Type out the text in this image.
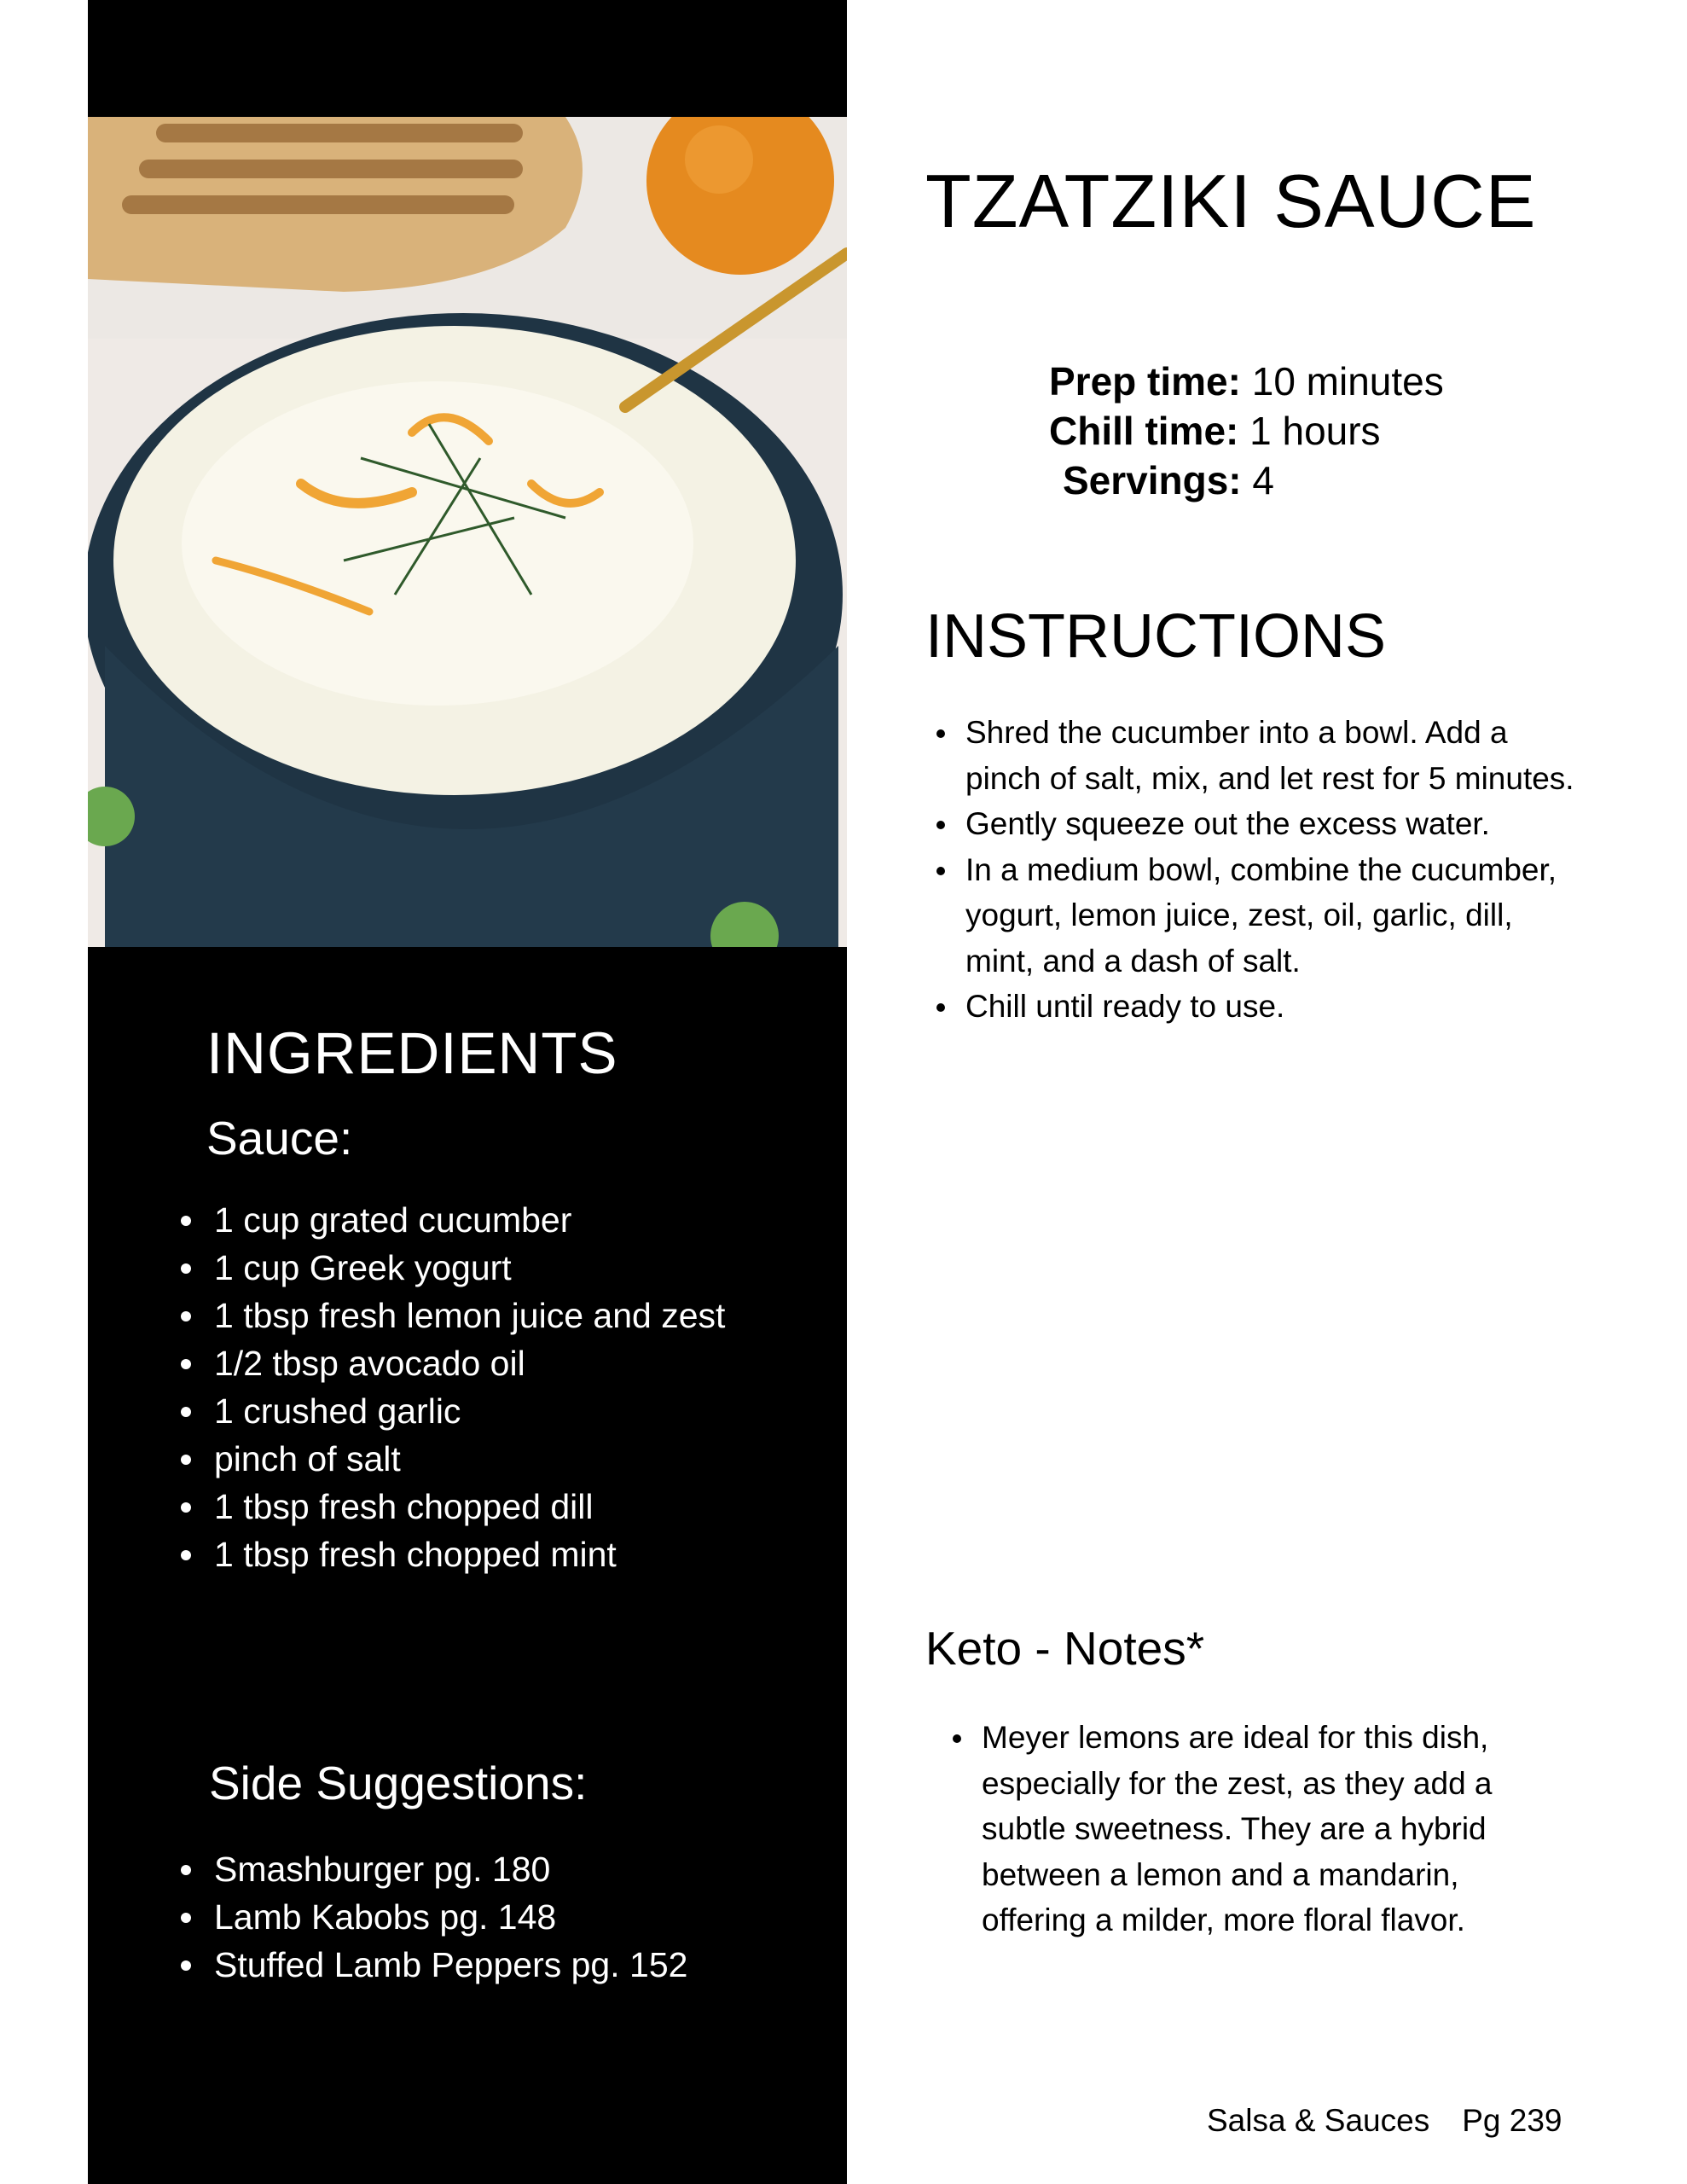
INGREDIENTS
Sauce:
1 cup grated cucumber
1 cup Greek yogurt
1 tbsp fresh lemon juice and zest
1/2 tbsp avocado oil
1 crushed garlic
pinch of salt
1 tbsp fresh chopped dill
1 tbsp fresh chopped mint
Side Suggestions:
Smashburger pg. 180
Lamb Kabobs pg. 148
Stuffed Lamb Peppers pg. 152
TZATZIKI SAUCE
Prep time: 10 minutes
Chill time: 1 hours
Servings: 4
INSTRUCTIONS
Shred the cucumber into a bowl. Add a pinch of salt, mix, and let rest for 5 minutes.
Gently squeeze out the excess water.
In a medium bowl, combine the cucumber, yogurt, lemon juice, zest, oil, garlic, dill, mint, and a dash of salt.
Chill until ready to use.
Keto - Notes*
Meyer lemons are ideal for this dish, especially for the zest, as they add a subtle sweetness. They are a hybrid between a lemon and a mandarin, offering a milder, more floral flavor.
Salsa & Sauces Pg 239
